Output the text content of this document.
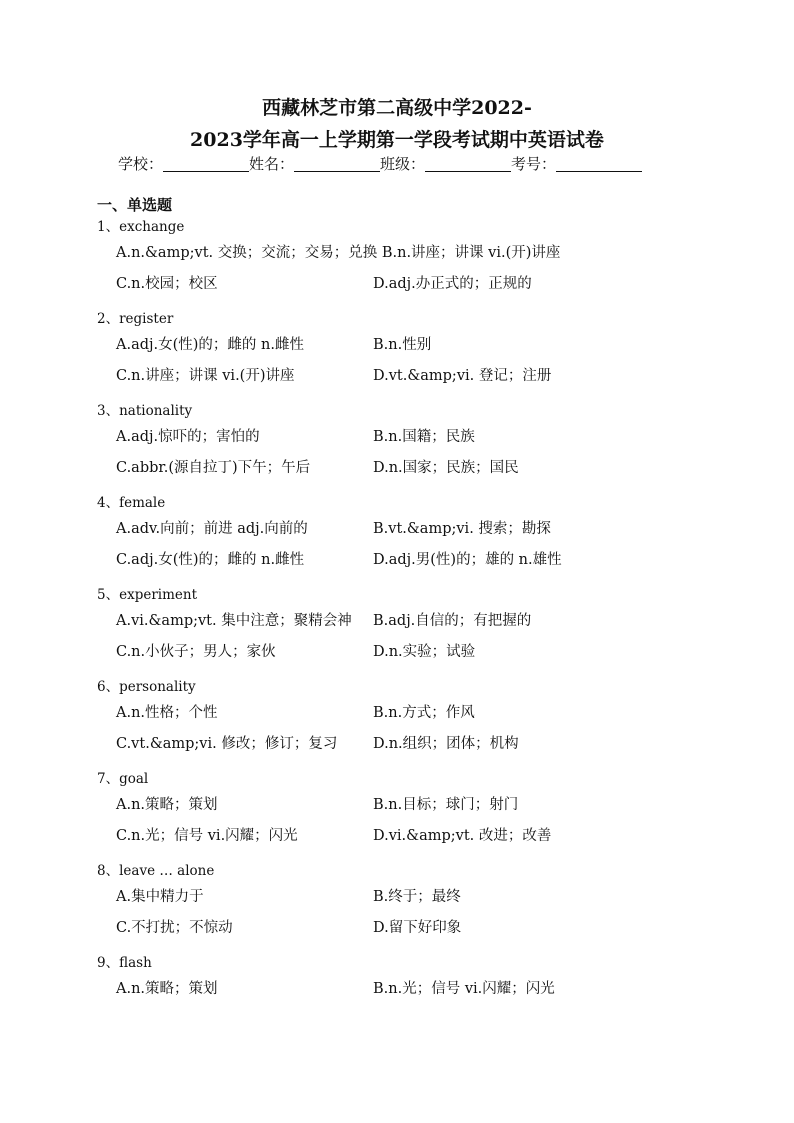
西藏林芝市第二高级中学2022-
2023学年高一上学期第一学段考试期中英语试卷
学校：	姓名：	班级：	考号：
一、单选题
1、exchange
A.n.&amp;vt. 交换；交流；交易；兑换 B.n.讲座；讲课 vi.(开)讲座
C.n.校园；校区	D.adj.办正式的；正规的
2、register
A.adj.女(性)的；雌的 n.雌性	B.n.性别
C.n.讲座；讲课 vi.(开)讲座	D.vt.&amp;vi. 登记；注册
3、nationality
A.adj.惊吓的；害怕的	B.n.国籍；民族
C.abbr.(源自拉丁)下午；午后	D.n.国家；民族；国民
4、female
A.adv.向前；前进 adj.向前的	B.vt.&amp;vi. 搜索；勘探
C.adj.女(性)的；雌的 n.雌性	D.adj.男(性)的；雄的 n.雄性
5、experiment
A.vi.&amp;vt. 集中注意；聚精会神 B.adj.自信的；有把握的
C.n.小伙子；男人；家伙	D.n.实验；试验
6、personality
A.n.性格；个性	B.n.方式；作风
C.vt.&amp;vi. 修改；修订；复习 D.n.组织；团体；机构
7、goal
A.n.策略；策划	B.n.目标；球门；射门
C.n.光；信号 vi.闪耀；闪光	D.vi.&amp;vt. 改进；改善
8、leave … alone
A.集中精力于	B.终于；最终
C.不打扰；不惊动	D.留下好印象
9、flash
A.n.策略；策划	B.n.光；信号 vi.闪耀；闪光
